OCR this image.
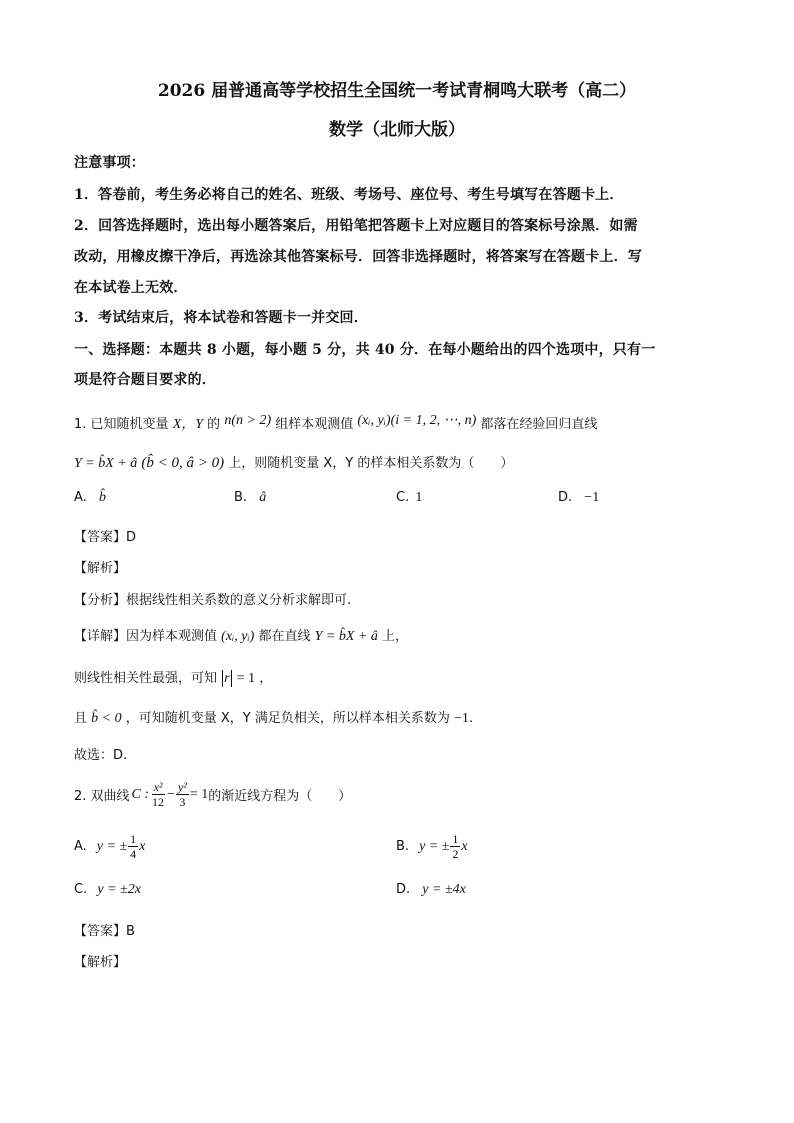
2026 届普通高等学校招生全国统一考试青桐鸣大联考（高二）
数学（北师大版）
注意事项：
1．答卷前，考生务必将自己的姓名、班级、考场号、座位号、考生号填写在答题卡上．
2．回答选择题时，选出每小题答案后，用铅笔把答题卡上对应题目的答案标号涂黑．如需
改动，用橡皮擦干净后，再选涂其他答案标号．回答非选择题时，将答案写在答题卡上．写
在本试卷上无效．
3．考试结束后，将本试卷和答题卡一并交回．
一、选择题：本题共 8 小题，每小题 5 分，共 40 分．在每小题给出的四个选项中，只有一
项是符合题目要求的．
1. 已知随机变量 X，Y 的 n(n > 2) 组样本观测值 (xᵢ, yᵢ)(i = 1, 2, ⋯, n) 都落在经验回归直线
Y = b̂X + â (b̂ < 0, â > 0) 上，则随机变量 X，Y 的样本相关系数为（　　）
A. b̂	B. â	C. 1	D. −1
【答案】D
【解析】
【分析】根据线性相关系数的意义分析求解即可.
【详解】因为样本观测值 (xᵢ, yᵢ) 都在直线 Y = b̂X + â 上，
则线性相关性最强，可知 r = 1 ，
且 b̂ < 0 ，可知随机变量 X，Y 满足负相关，所以样本相关系数为 −1.
故选：D.
2. 双曲线 C : $\frac{\text{x²}}{12} - \frac{\text{y²}}{3} = 1$ 的渐近线方程为（　　）
A. y = ± $\frac{1}{4}$ x	B. y = ± $\frac{1}{2}$ x
C. y = ±2x	D. y = ±4x
【答案】B
【解析】
